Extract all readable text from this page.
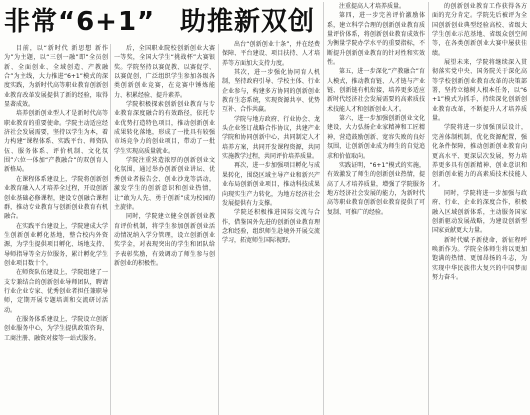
非常“6+1” 助推新双创

目前，以“新时代 新思想 新作为”为主题，以“三创一融”即“全员创新、全面创业、全域创造、产教融合”为主线，大力推进“6+1”模式的深度实践，为新时代高等职业教育创新创业教育改革发展提供了新的经验，取得显著成效。

培养创新创业型人才是新时代高等职业教育的重要使命。学院主动适应经济社会发展需要，坚持以学生为本，着力构建“课程体系、实践平台、师资队伍、服务体系、评价机制、文化氛围”六位一体加“产教融合”的双创育人新格局。

在课程体系建设上，学院将创新创业教育融入人才培养全过程，开设创新创业基础必修课程，建设专创融合课程群，推动专业教育与创新创业教育有机融合。

在实践平台建设上，学院建成大学生创新创业孵化基地，整合校内外资源，为学生提供项目孵化、场地支持、导师指导等全方位服务，累计孵化学生创业项目数十个。

在师资队伍建设上，学院组建了一支专兼结合的创新创业导师团队，聘请行业企业专家、优秀创业者担任兼职导师，定期开展专题培训和交流研讨活动。

在服务体系建设上，学院设立创新创业服务中心，为学生提供政策咨询、工商注册、融资对接等一站式服务。

后，全国职业院校创新创业大赛一等奖，全国大学生“挑战杯”大赛银奖。学院坚持以赛促教、以赛促学、以赛促创，广泛组织学生参加各级各类创新创业竞赛，在竞赛中锤炼能力、积累经验、提升素养。

学院积极探索创新创业教育与专业教育深度融合的有效路径，依托专业优势打造特色项目，推动创新创业成果转化落地，形成了一批具有较强市场竞争力的创业项目，带动了一批学生实现高质量就业。

学院注重营造浓厚的创新创业文化氛围，通过举办创新创业讲坛、优秀创业者报告会、创业沙龙等活动，激发学生的创新意识和创业热情，让“敢为人先、勇于创新”成为校园的主旋律。

同时，学院建立健全创新创业教育评价机制，将学生参加创新创业活动情况纳入学分管理，设立创新创业奖学金，对表现突出的学生和团队给予表彰奖励，有效调动了师生参与创新创业的积极性。

出台“创新创业十条”，并在经费保障、平台建设、项目扶持、人才培养等方面加大支持力度。

其次，进一步强化协同育人机制，坚持政府引导、学校主体、行业企业参与，构建多方协同的创新创业教育生态系统，实现资源共享、优势互补、合作共赢。

学院与地方政府、行业协会、龙头企业签订战略合作协议，共建产业学院和协同创新中心，共同制定人才培养方案，共同开发课程资源，共同实施教学过程，共同评价培养质量。

再次，进一步加强项目孵化与成果转化，围绕区域主导产业和新兴产业布局创新创业项目，推动科技成果向现实生产力转化，为地方经济社会发展提供有力支撑。

学院还积极推进国际交流与合作，借鉴国外先进的创新创业教育理念和经验，组织师生赴境外开展交流学习，拓宽师生国际视野。

注重提高人才培养质量。

第四，进一步完善评价激励体系，建立科学合理的创新创业教育质量评价体系，将创新创业教育成效作为衡量学院办学水平的重要指标，不断提升创新创业教育的针对性和实效性。

第五，进一步深化“产教融合”育人模式，推动教育链、人才链与产业链、创新链有机衔接，培养更多适应新时代经济社会发展需要的高素质技术技能人才和创新创业人才。

第六，进一步加强创新创业文化建设，大力弘扬企业家精神和工匠精神，营造鼓励创新、宽容失败的良好氛围，让创新创业成为师生的自觉追求和价值取向。

实践证明，“6+1”模式的实施，有效激发了师生的创新创业热情，提高了人才培养质量，增强了学院服务地方经济社会发展的能力，为新时代高等职业教育创新创业教育提供了可复制、可推广的经验。

的创新创业教育工作获得各方面的充分肯定。学院先后被评为全国创新创业典型经验高校、省级大学生创业示范基地、省级众创空间等，在各类创新创业大赛中屡获佳绩。

展望未来，学院将继续深入贯彻落实党中央、国务院关于深化高等学校创新创业教育改革的决策部署，坚持立德树人根本任务，以“6+1”模式为抓手，持续深化创新创业教育改革，不断提升人才培养质量。

学院将进一步加强顶层设计，完善体制机制，优化资源配置，强化条件保障，推动创新创业教育向更高水平、更深层次发展，努力培养更多具有创新精神、创业意识和创新创业能力的高素质技术技能人才。

同时，学院将进一步加强与政府、行业、企业的深度合作，积极融入区域创新体系，主动服务国家创新驱动发展战略，为建设创新型国家贡献更大力量。

新时代赋予新使命，新征程呼唤新作为。学院全体师生将以更加饱满的热情、更加昂扬的斗志，为实现中华民族伟大复兴的中国梦而努力奋斗。
